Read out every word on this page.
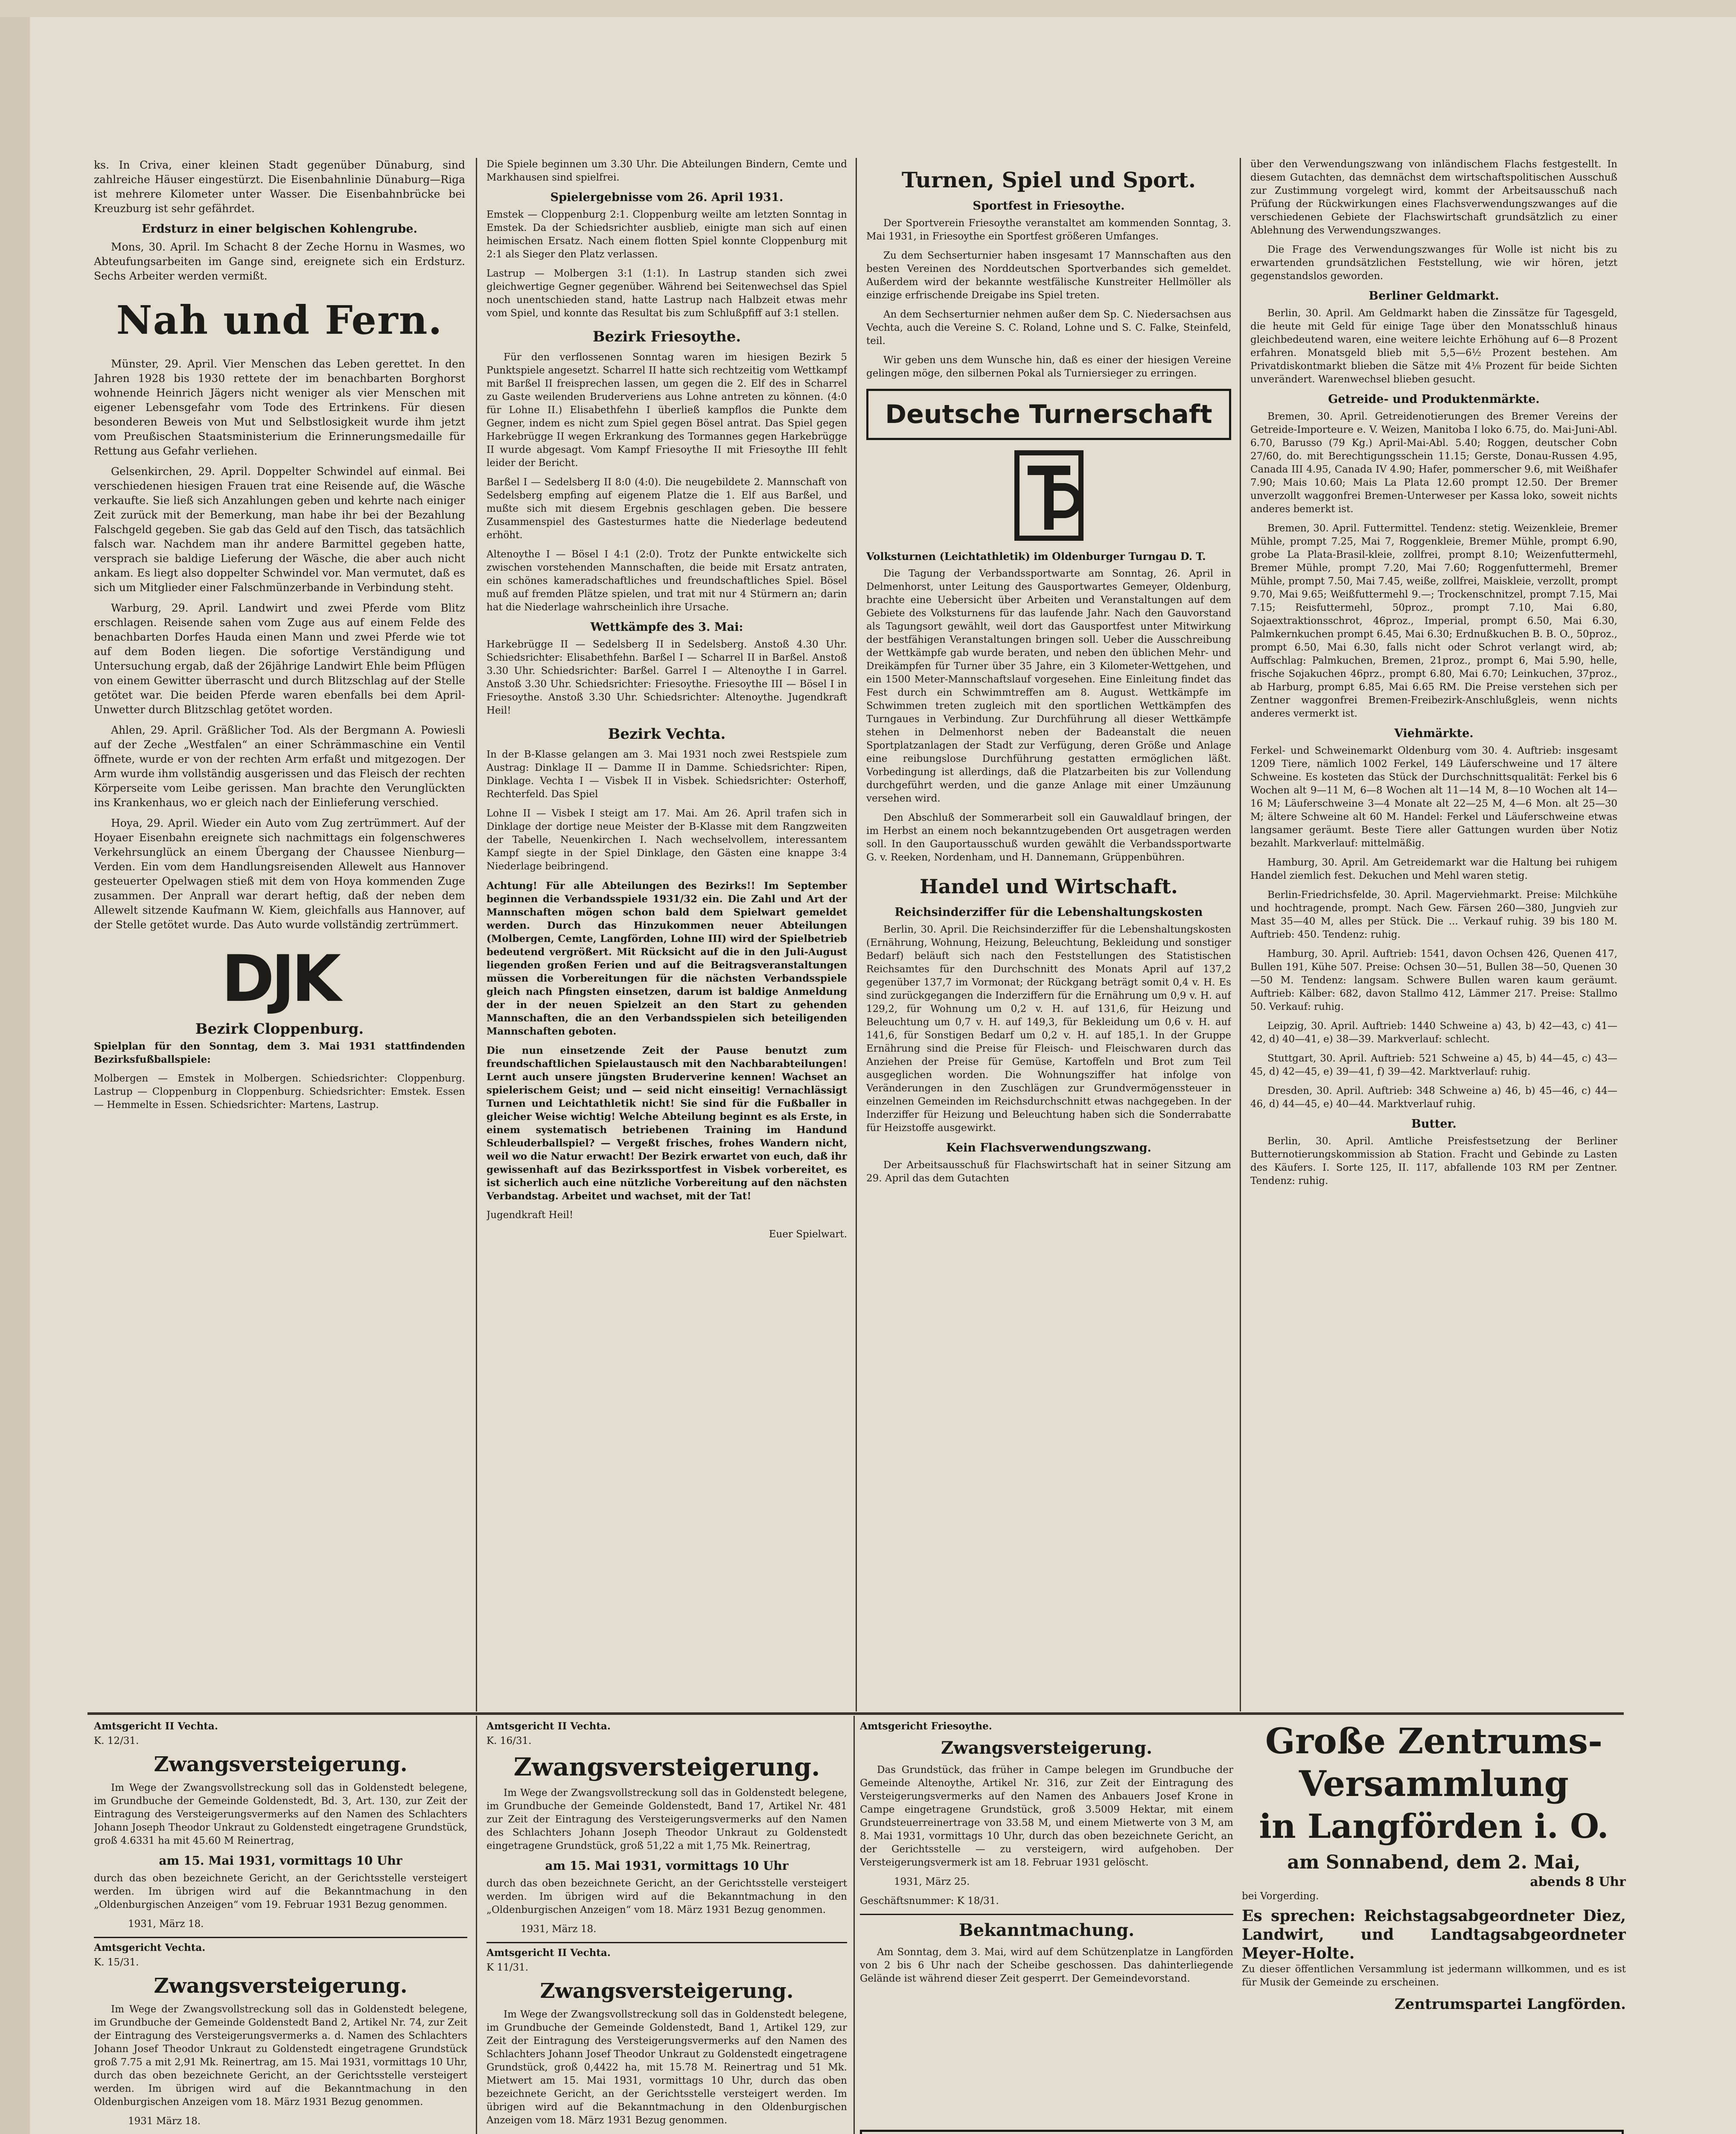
ks. In Criva, einer kleinen Stadt gegenüber Dünaburg, sind zahlreiche Häuser eingestürzt. Die Eisenbahnlinie Dünaburg—Riga ist mehrere Kilometer unter Wasser. Die Eisenbahnbrücke bei Kreuzburg ist sehr gefährdet.

Erdsturz in einer belgischen Kohlengrube.

Mons, 30. April. Im Schacht 8 der Zeche Hornu in Wasmes, wo Abteufungsarbeiten im Gange sind, ereignete sich ein Erdsturz. Sechs Arbeiter werden vermißt.

Nah und Fern.

Münster, 29. April. Vier Menschen das Leben gerettet. In den Jahren 1928 bis 1930 rettete der im benachbarten Borghorst wohnende Heinrich Jägers nicht weniger als vier Menschen mit eigener Lebensgefahr vom Tode des Ertrinkens. Für diesen besonderen Beweis von Mut und Selbstlosigkeit wurde ihm jetzt vom Preußischen Staatsministerium die Erinnerungsmedaille für Rettung aus Gefahr verliehen.

Gelsenkirchen, 29. April. Doppelter Schwindel auf einmal. Bei verschiedenen hiesigen Frauen trat eine Reisende auf, die Wäsche verkaufte. Sie ließ sich Anzahlungen geben und kehrte nach einiger Zeit zurück mit der Bemerkung, man habe ihr bei der Bezahlung Falschgeld gegeben. Sie gab das Geld auf den Tisch, das tatsächlich falsch war. Nachdem man ihr andere Barmittel gegeben hatte, versprach sie baldige Lieferung der Wäsche, die aber auch nicht ankam. Es liegt also doppelter Schwindel vor. Man vermutet, daß es sich um Mitglieder einer Falschmünzerbande in Verbindung steht.

Warburg, 29. April. Landwirt und zwei Pferde vom Blitz erschlagen. Reisende sahen vom Zuge aus auf einem Felde des benachbarten Dorfes Hauda einen Mann und zwei Pferde wie tot auf dem Boden liegen. Die sofortige Verständigung und Untersuchung ergab, daß der 26jährige Landwirt Ehle beim Pflügen von einem Gewitter überrascht und durch Blitzschlag auf der Stelle getötet war. Die beiden Pferde waren ebenfalls bei dem April-Unwetter durch Blitzschlag getötet worden.

Ahlen, 29. April. Gräßlicher Tod. Als der Bergmann A. Powiesli auf der Zeche „Westfalen“ an einer Schrämmaschine ein Ventil öffnete, wurde er von der rechten Arm erfaßt und mitgezogen. Der Arm wurde ihm vollständig ausgerissen und das Fleisch der rechten Körperseite vom Leibe gerissen. Man brachte den Verunglückten ins Krankenhaus, wo er gleich nach der Einlieferung verschied.

Hoya, 29. April. Wieder ein Auto vom Zug zertrümmert. Auf der Hoyaer Eisenbahn ereignete sich nachmittags ein folgenschweres Verkehrsunglück an einem Übergang der Chaussee Nienburg—Verden. Ein vom dem Handlungsreisenden Allewelt aus Hannover gesteuerter Opelwagen stieß mit dem von Hoya kommenden Zuge zusammen. Der Anprall war derart heftig, daß der neben dem Allewelt sitzende Kaufmann W. Kiem, gleichfalls aus Hannover, auf der Stelle getötet wurde. Das Auto wurde vollständig zertrümmert.

DJK
Bezirk Cloppenburg.

Spielplan für den Sonntag, dem 3. Mai 1931 stattfindenden Bezirksfußballspiele:

Molbergen — Emstek in Molbergen. Schiedsrichter: Cloppenburg. Lastrup — Cloppenburg in Cloppenburg. Schiedsrichter: Emstek. Essen — Hemmelte in Essen. Schiedsrichter: Martens, Lastrup.

Die Spiele beginnen um 3.30 Uhr. Die Abteilungen Bindern, Cemte und Markhausen sind spielfrei.

Spielergebnisse vom 26. April 1931.

Emstek — Cloppenburg 2:1. Cloppenburg weilte am letzten Sonntag in Emstek. Da der Schiedsrichter ausblieb, einigte man sich auf einen heimischen Ersatz. Nach einem flotten Spiel konnte Cloppenburg mit 2:1 als Sieger den Platz verlassen.

Lastrup — Molbergen 3:1 (1:1). In Lastrup standen sich zwei gleichwertige Gegner gegenüber. Während bei Seitenwechsel das Spiel noch unentschieden stand, hatte Lastrup nach Halbzeit etwas mehr vom Spiel, und konnte das Resultat bis zum Schlußpfiff auf 3:1 stellen.

Bezirk Friesoythe.

Für den verflossenen Sonntag waren im hiesigen Bezirk 5 Punktspiele angesetzt. Scharrel II hatte sich rechtzeitig vom Wettkampf mit Barßel II freisprechen lassen, um gegen die 2. Elf des in Scharrel zu Gaste weilenden Bruderveriens aus Lohne antreten zu können. (4:0 für Lohne II.) Elisabethfehn I überließ kampflos die Punkte dem Gegner, indem es nicht zum Spiel gegen Bösel antrat. Das Spiel gegen Harkebrügge II wegen Erkrankung des Tormannes gegen Harkebrügge II wurde abgesagt. Vom Kampf Friesoythe II mit Friesoythe III fehlt leider der Bericht.

Barßel I — Sedelsberg II 8:0 (4:0). Die neugebildete 2. Mannschaft von Sedelsberg empfing auf eigenem Platze die 1. Elf aus Barßel, und mußte sich mit diesem Ergebnis geschlagen geben. Die bessere Zusammenspiel des Gastesturmes hatte die Niederlage bedeutend erhöht.

Altenoythe I — Bösel I 4:1 (2:0). Trotz der Punkte entwickelte sich zwischen vorstehenden Mannschaften, die beide mit Ersatz antraten, ein schönes kameradschaftliches und freundschaftliches Spiel. Bösel muß auf fremden Plätze spielen, und trat mit nur 4 Stürmern an; darin hat die Niederlage wahrscheinlich ihre Ursache.

Wettkämpfe des 3. Mai:

Harkebrügge II — Sedelsberg II in Sedelsberg. Anstoß 4.30 Uhr. Schiedsrichter: Elisabethfehn. Barßel I — Scharrel II in Barßel. Anstoß 3.30 Uhr. Schiedsrichter: Barßel. Garrel I — Altenoythe I in Garrel. Anstoß 3.30 Uhr. Schiedsrichter: Friesoythe. Friesoythe III — Bösel I in Friesoythe. Anstoß 3.30 Uhr. Schiedsrichter: Altenoythe. Jugendkraft Heil!

Bezirk Vechta.

In der B-Klasse gelangen am 3. Mai 1931 noch zwei Restspiele zum Austrag: Dinklage II — Damme II in Damme. Schiedsrichter: Ripen, Dinklage. Vechta I — Visbek II in Visbek. Schiedsrichter: Osterhoff, Rechterfeld. Das Spiel

Lohne II — Visbek I steigt am 17. Mai. Am 26. April trafen sich in Dinklage der dortige neue Meister der B-Klasse mit dem Rangzweiten der Tabelle, Neuenkirchen I. Nach wechselvollem, interessantem Kampf siegte in der Spiel Dinklage, den Gästen eine knappe 3:4 Niederlage beibringend.

Achtung! Für alle Abteilungen des Bezirks!! Im September beginnen die Verbandsspiele 1931/32 ein. Die Zahl und Art der Mannschaften mögen schon bald dem Spielwart gemeldet werden. Durch das Hinzukommen neuer Abteilungen (Molbergen, Cemte, Langförden, Lohne III) wird der Spielbetrieb bedeutend vergrößert. Mit Rücksicht auf die in den Juli-August liegenden großen Ferien und auf die Beitragsveranstaltungen müssen die Vorbereitungen für die nächsten Verbandsspiele gleich nach Pfingsten einsetzen, darum ist baldige Anmeldung der in der neuen Spielzeit an den Start zu gehenden Mannschaften, die an den Verbandsspielen sich beteiligenden Mannschaften geboten.

Die nun einsetzende Zeit der Pause benutzt zum freundschaftlichen Spielaustausch mit den Nachbarabteilungen! Lernt auch unsere jüngsten Bruderverine kennen! Wachset an spielerischem Geist; und — seid nicht einseitig! Vernachlässigt Turnen und Leichtathletik nicht! Sie sind für die Fußballer in gleicher Weise wichtig! Welche Abteilung beginnt es als Erste, in einem systematisch betriebenen Training im Handund Schleuderballspiel? — Vergeßt frisches, frohes Wandern nicht, weil wo die Natur erwacht! Der Bezirk erwartet von euch, daß ihr gewissenhaft auf das Bezirkssportfest in Visbek vorbereitet, es ist sicherlich auch eine nützliche Vorbereitung auf den nächsten Verbandstag. Arbeitet und wachset, mit der Tat!

Jugendkraft Heil!

Euer Spielwart.

Turnen, Spiel und Sport.
Sportfest in Friesoythe.

Der Sportverein Friesoythe veranstaltet am kommenden Sonntag, 3. Mai 1931, in Friesoythe ein Sportfest größeren Umfanges.

Zu dem Sechserturnier haben insgesamt 17 Mannschaften aus den besten Vereinen des Norddeutschen Sportverbandes sich gemeldet. Außerdem wird der bekannte westfälische Kunstreiter Hellmöller als einzige erfrischende Dreigabe ins Spiel treten.

An dem Sechserturnier nehmen außer dem Sp. C. Niedersachsen aus Vechta, auch die Vereine S. C. Roland, Lohne und S. C. Falke, Steinfeld, teil.

Wir geben uns dem Wunsche hin, daß es einer der hiesigen Vereine gelingen möge, den silbernen Pokal als Turniersieger zu erringen.

Deutsche Turnerschaft
Volksturnen (Leichtathletik) im Oldenburger Turngau D. T.

Die Tagung der Verbandssportwarte am Sonntag, 26. April in Delmenhorst, unter Leitung des Gausportwartes Gemeyer, Oldenburg, brachte eine Uebersicht über Arbeiten und Veranstaltungen auf dem Gebiete des Volksturnens für das laufende Jahr. Nach den Gauvorstand als Tagungsort gewählt, weil dort das Gausportfest unter Mitwirkung der bestfähigen Veranstaltungen bringen soll. Ueber die Ausschreibung der Wettkämpfe gab wurde beraten, und neben den üblichen Mehr- und Dreikämpfen für Turner über 35 Jahre, ein 3 Kilometer-Wettgehen, und ein 1500 Meter-Mannschaftslauf vorgesehen. Eine Einleitung findet das Fest durch ein Schwimmtreffen am 8. August. Wettkämpfe im Schwimmen treten zugleich mit den sportlichen Wettkämpfen des Turngaues in Verbindung. Zur Durchführung all dieser Wettkämpfe stehen in Delmenhorst neben der Badeanstalt die neuen Sportplatzanlagen der Stadt zur Verfügung, deren Größe und Anlage eine reibungslose Durchführung gestatten ermöglichen läßt. Vorbedingung ist allerdings, daß die Platzarbeiten bis zur Vollendung durchgeführt werden, und die ganze Anlage mit einer Umzäunung versehen wird.

Den Abschluß der Sommerarbeit soll ein Gauwaldlauf bringen, der im Herbst an einem noch bekanntzugebenden Ort ausgetragen werden soll. In den Gauportausschuß wurden gewählt die Verbandssportwarte G. v. Reeken, Nordenham, und H. Dannemann, Grüppenbühren.

Handel und Wirtschaft.
Reichsinderziffer für die Lebenshaltungskosten

Berlin, 30. April. Die Reichsinderziffer für die Lebenshaltungskosten (Ernährung, Wohnung, Heizung, Beleuchtung, Bekleidung und sonstiger Bedarf) beläuft sich nach den Feststellungen des Statistischen Reichsamtes für den Durchschnitt des Monats April auf 137,2 gegenüber 137,7 im Vormonat; der Rückgang beträgt somit 0,4 v. H. Es sind zurückgegangen die Inderziffern für die Ernährung um 0,9 v. H. auf 129,2, für Wohnung um 0,2 v. H. auf 131,6, für Heizung und Beleuchtung um 0,7 v. H. auf 149,3, für Bekleidung um 0,6 v. H. auf 141,6, für Sonstigen Bedarf um 0,2 v. H. auf 185,1. In der Gruppe Ernährung sind die Preise für Fleisch- und Fleischwaren durch das Anziehen der Preise für Gemüse, Kartoffeln und Brot zum Teil ausgeglichen worden. Die Wohnungsziffer hat infolge von Veränderungen in den Zuschlägen zur Grundvermögenssteuer in einzelnen Gemeinden im Reichsdurchschnitt etwas nachgegeben. In der Inderziffer für Heizung und Beleuchtung haben sich die Sonderrabatte für Heizstoffe ausgewirkt.

Kein Flachsverwendungszwang.

Der Arbeitsausschuß für Flachswirtschaft hat in seiner Sitzung am 29. April das dem Gutachten

über den Verwendungszwang von inländischem Flachs festgestellt. In diesem Gutachten, das demnächst dem wirtschaftspolitischen Ausschuß zur Zustimmung vorgelegt wird, kommt der Arbeitsausschuß nach Prüfung der Rückwirkungen eines Flachsverwendungszwanges auf die verschiedenen Gebiete der Flachswirtschaft grundsätzlich zu einer Ablehnung des Verwendungszwanges.

Die Frage des Verwendungszwanges für Wolle ist nicht bis zu erwartenden grundsätzlichen Feststellung, wie wir hören, jetzt gegenstandslos geworden.

Berliner Geldmarkt.

Berlin, 30. April. Am Geldmarkt haben die Zinssätze für Tagesgeld, die heute mit Geld für einige Tage über den Monatsschluß hinaus gleichbedeutend waren, eine weitere leichte Erhöhung auf 6—8 Prozent erfahren. Monatsgeld blieb mit 5,5—6½ Prozent bestehen. Am Privatdiskontmarkt blieben die Sätze mit 4⅛ Prozent für beide Sichten unverändert. Warenwechsel blieben gesucht.

Getreide- und Produktenmärkte.

Bremen, 30. April. Getreidenotierungen des Bremer Vereins der Getreide-Importeure e. V. Weizen, Manitoba I loko 6.75, do. Mai-Juni-Abl. 6.70, Barusso (79 Kg.) April-Mai-Abl. 5.40; Roggen, deutscher Cobn 27/60, do. mit Berechtigungsschein 11.15; Gerste, Donau-Russen 4.95, Canada III 4.95, Canada IV 4.90; Hafer, pommerscher 9.6, mit Weißhafer 7.90; Mais 10.60; Mais La Plata 12.60 prompt 12.50. Der Bremer unverzollt waggonfrei Bremen-Unterweser per Kassa loko, soweit nichts anderes bemerkt ist.

Bremen, 30. April. Futtermittel. Tendenz: stetig. Weizenkleie, Bremer Mühle, prompt 7.25, Mai 7, Roggenkleie, Bremer Mühle, prompt 6.90, grobe La Plata-Brasil-kleie, zollfrei, prompt 8.10; Weizenfuttermehl, Bremer Mühle, prompt 7.20, Mai 7.60; Roggenfuttermehl, Bremer Mühle, prompt 7.50, Mai 7.45, weiße, zollfrei, Maiskleie, verzollt, prompt 9.70, Mai 9.65; Weißfuttermehl 9.—; Trockenschnitzel, prompt 7.15, Mai 7.15; Reisfuttermehl, 50proz., prompt 7.10, Mai 6.80, Sojaextraktionsschrot, 46proz., Imperial, prompt 6.50, Mai 6.30, Palmkernkuchen prompt 6.45, Mai 6.30; Erdnußkuchen B. B. O., 50proz., prompt 6.50, Mai 6.30, falls nicht oder Schrot verlangt wird, ab; Auffschlag: Palmkuchen, Bremen, 21proz., prompt 6, Mai 5.90, helle, frische Sojakuchen 46prz., prompt 6.80, Mai 6.70; Leinkuchen, 37proz., ab Harburg, prompt 6.85, Mai 6.65 RM. Die Preise verstehen sich per Zentner waggonfrei Bremen-Freibezirk-Anschlußgleis, wenn nichts anderes vermerkt ist.

Viehmärkte.

Ferkel- und Schweinemarkt Oldenburg vom 30. 4. Auftrieb: insgesamt 1209 Tiere, nämlich 1002 Ferkel, 149 Läuferschweine und 17 ältere Schweine. Es kosteten das Stück der Durchschnittsqualität: Ferkel bis 6 Wochen alt 9—11 M, 6—8 Wochen alt 11—14 M, 8—10 Wochen alt 14—16 M; Läuferschweine 3—4 Monate alt 22—25 M, 4—6 Mon. alt 25—30 M; ältere Schweine alt 60 M. Handel: Ferkel und Läuferschweine etwas langsamer geräumt. Beste Tiere aller Gattungen wurden über Notiz bezahlt. Markverlauf: mittelmäßig.

Hamburg, 30. April. Am Getreidemarkt war die Haltung bei ruhigem Handel ziemlich fest. Dekuchen und Mehl waren stetig.

Berlin-Friedrichsfelde, 30. April. Magerviehmarkt. Preise: Milchkühe und hochtragende, prompt. Nach Gew. Färsen 260—380, Jungvieh zur Mast 35—40 M, alles per Stück. Die ... Verkauf ruhig. 39 bis 180 M. Auftrieb: 450. Tendenz: ruhig.

Hamburg, 30. April. Auftrieb: 1541, davon Ochsen 426, Quenen 417, Bullen 191, Kühe 507. Preise: Ochsen 30—51, Bullen 38—50, Quenen 30—50 M. Tendenz: langsam. Schwere Bullen waren kaum geräumt. Auftrieb: Kälber: 682, davon Stallmo 412, Lämmer 217. Preise: Stallmo 50. Verkauf: ruhig.

Leipzig, 30. April. Auftrieb: 1440 Schweine a) 43, b) 42—43, c) 41—42, d) 40—41, e) 38—39. Markverlauf: schlecht.

Stuttgart, 30. April. Auftrieb: 521 Schweine a) 45, b) 44—45, c) 43—45, d) 42—45, e) 39—41, f) 39—42. Marktverlauf: ruhig.

Dresden, 30. April. Auftrieb: 348 Schweine a) 46, b) 45—46, c) 44—46, d) 44—45, e) 40—44. Marktverlauf ruhig.

Butter.

Berlin, 30. April. Amtliche Preisfestsetzung der Berliner Butternotierungskommission ab Station. Fracht und Gebinde zu Lasten des Käufers. I. Sorte 125, II. 117, abfallende 103 RM per Zentner. Tendenz: ruhig.

Amtsgericht II Vechta.
K. 12/31.
Zwangsversteigerung.

Im Wege der Zwangsvollstreckung soll das in Goldenstedt belegene, im Grundbuche der Gemeinde Goldenstedt, Bd. 3, Art. 130, zur Zeit der Eintragung des Versteigerungsvermerks auf den Namen des Schlachters Johann Joseph Theodor Unkraut zu Goldenstedt eingetragene Grundstück, groß 4.6331 ha mit 45.60 M Reinertrag,

am 15. Mai 1931, vormittags 10 Uhr

durch das oben bezeichnete Gericht, an der Gerichtsstelle versteigert werden. Im übrigen wird auf die Bekanntmachung in den „Oldenburgischen Anzeigen“ vom 19. Februar 1931 Bezug genommen.

1931, März 18.

Amtsgericht Vechta.
K. 15/31.
Zwangsversteigerung.

Im Wege der Zwangsvollstreckung soll das in Goldenstedt belegene, im Grundbuche der Gemeinde Goldenstedt Band 2, Artikel Nr. 74, zur Zeit der Eintragung des Versteigerungsvermerks a. d. Namen des Schlachters Johann Josef Theodor Unkraut zu Goldenstedt eingetragene Grundstück groß 7.75 a mit 2,91 Mk. Reinertrag, am 15. Mai 1931, vormittags 10 Uhr, durch das oben bezeichnete Gericht, an der Gerichtsstelle versteigert werden. Im übrigen wird auf die Bekanntmachung in den Oldenburgischen Anzeigen vom 18. März 1931 Bezug genommen.

1931 März 18.

Amtsgericht II Vechta.
K. 16/31.
Zwangsversteigerung.

Im Wege der Zwangsvollstreckung soll das in Goldenstedt belegene, im Grundbuche der Gemeinde Goldenstedt, Band 17, Artikel Nr. 481 zur Zeit der Eintragung des Versteigerungsvermerks auf den Namen des Schlachters Johann Joseph Theodor Unkraut zu Goldenstedt eingetragene Grundstück, groß 51,22 a mit 1,75 Mk. Reinertrag,

am 15. Mai 1931, vormittags 10 Uhr

durch das oben bezeichnete Gericht, an der Gerichtsstelle versteigert werden. Im übrigen wird auf die Bekanntmachung in den „Oldenburgischen Anzeigen“ vom 18. März 1931 Bezug genommen.

1931, März 18.

Amtsgericht II Vechta.
K 11/31.
Zwangsversteigerung.

Im Wege der Zwangsvollstreckung soll das in Goldenstedt belegene, im Grundbuche der Gemeinde Goldenstedt, Band 1, Artikel 129, zur Zeit der Eintragung des Versteigerungsvermerks auf den Namen des Schlachters Johann Josef Theodor Unkraut zu Goldenstedt eingetragene Grundstück, groß 0,4422 ha, mit 15.78 M. Reinertrag und 51 Mk. Mietwert am 15. Mai 1931, vormittags 10 Uhr, durch das oben bezeichnete Gericht, an der Gerichtsstelle versteigert werden. Im übrigen wird auf die Bekanntmachung in den Oldenburgischen Anzeigen vom 18. März 1931 Bezug genommen.

Amtsgericht Friesoythe.
Zwangsversteigerung.

Das Grundstück, das früher in Campe belegen im Grundbuche der Gemeinde Altenoythe, Artikel Nr. 316, zur Zeit der Eintragung des Versteigerungsvermerks auf den Namen des Anbauers Josef Krone in Campe eingetragene Grundstück, groß 3.5009 Hektar, mit einem Grundsteuerreinertrage von 33.58 M, und einem Mietwerte von 3 M, am 8. Mai 1931, vormittags 10 Uhr, durch das oben bezeichnete Gericht, an der Gerichtsstelle — zu versteigern, wird aufgehoben. Der Versteigerungsvermerk ist am 18. Februar 1931 gelöscht.

1931, März 25.

Geschäftsnummer: K 18/31.

Bekanntmachung.

Am Sonntag, dem 3. Mai, wird auf dem Schützenplatze in Langförden von 2 bis 6 Uhr nach der Scheibe geschossen. Das dahinterliegende Gelände ist während dieser Zeit gesperrt. Der Gemeindevorstand.

Große Zentrums-
Versammlung
in Langförden i. O.
am Sonnabend, dem 2. Mai,
abends 8 Uhr
bei Vorgerding.

Es sprechen: Reichstagsabgeordneter Diez, Landwirt, und Landtagsabgeordneter Meyer-Holte.

Zu dieser öffentlichen Versammlung ist jedermann willkommen, und es ist für Musik der Gemeinde zu erscheinen.

Zentrumspartei Langförden.
